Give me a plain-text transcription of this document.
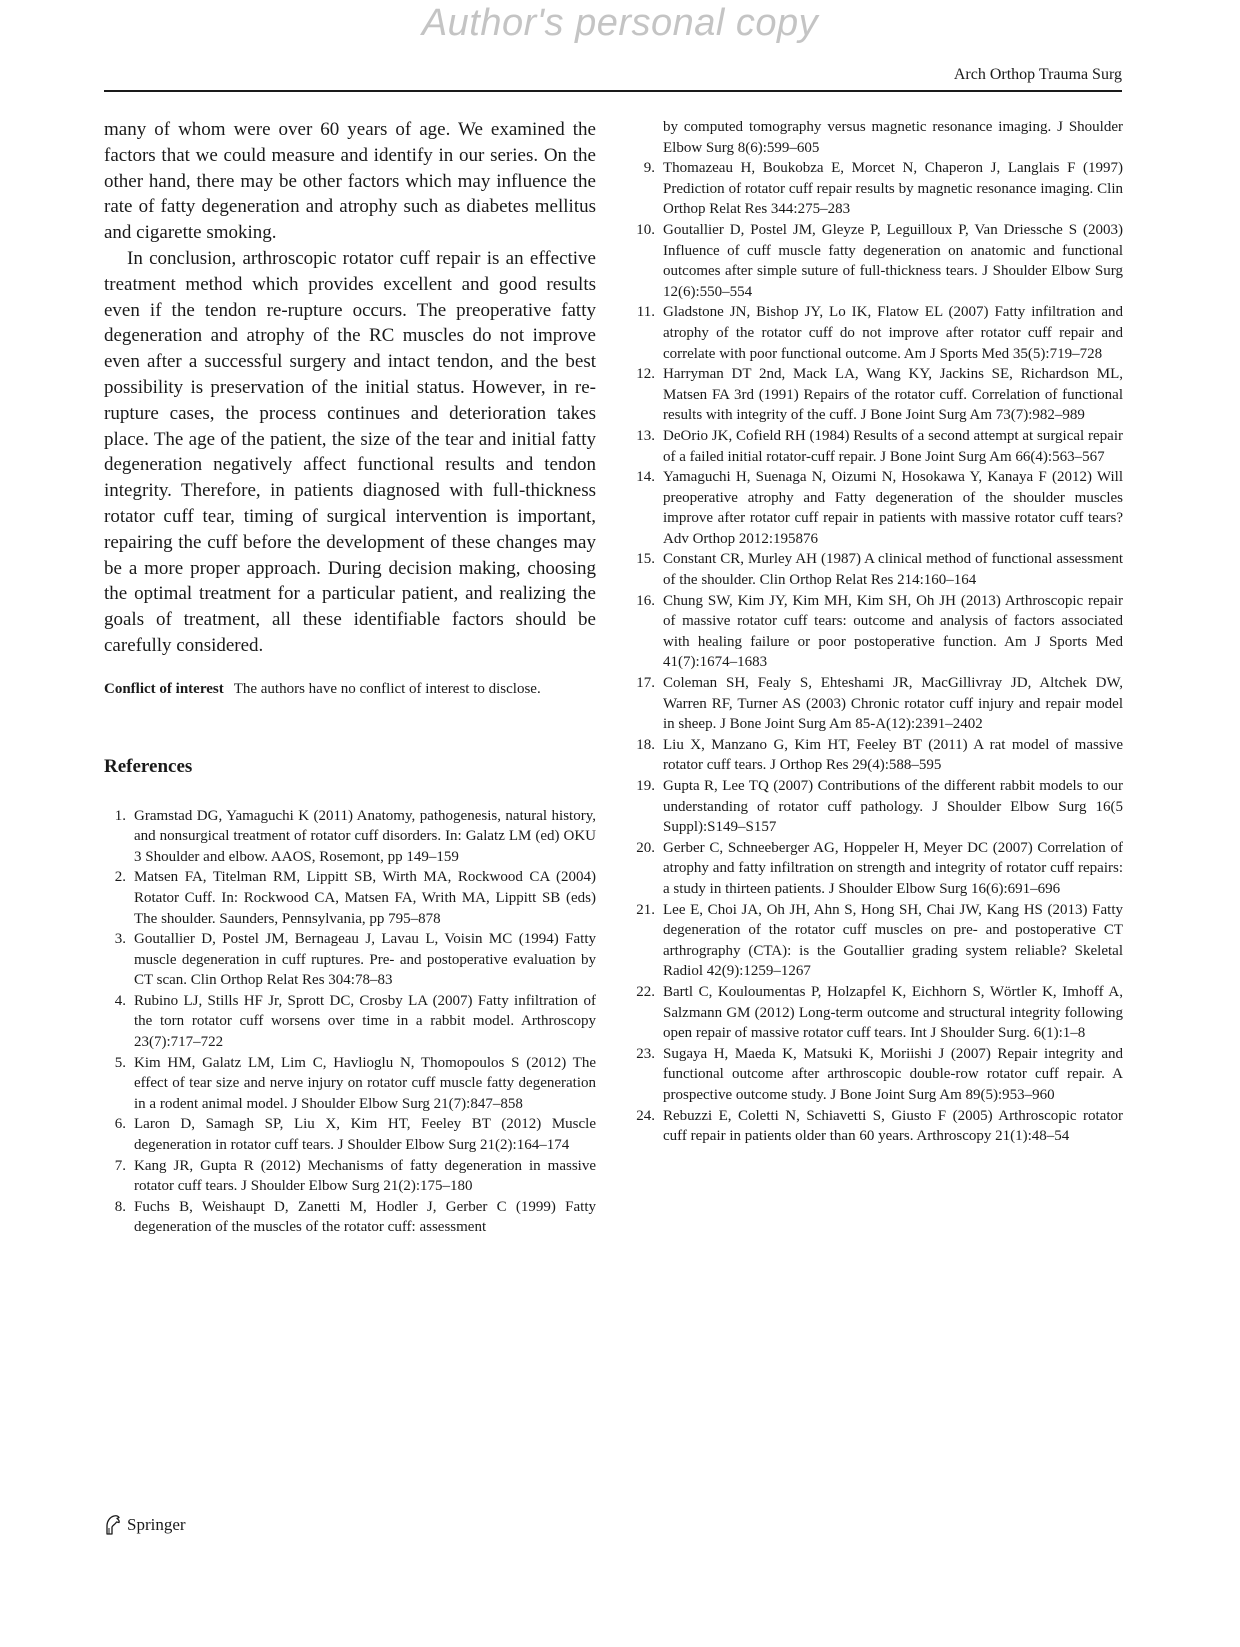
Author's personal copy
Arch Orthop Trauma Surg

many of whom were over 60 years of age. We examined the factors that we could measure and identify in our series. On the other hand, there may be other factors which may influence the rate of fatty degeneration and atrophy such as diabetes mellitus and cigarette smoking.

In conclusion, arthroscopic rotator cuff repair is an effective treatment method which provides excellent and good results even if the tendon re-rupture occurs. The preoperative fatty degeneration and atrophy of the RC muscles do not improve even after a successful surgery and intact tendon, and the best possibility is preservation of the initial status. However, in re-rupture cases, the process continues and deterioration takes place. The age of the patient, the size of the tear and initial fatty degeneration negatively affect functional results and tendon integrity. Therefore, in patients diagnosed with full-thickness rotator cuff tear, timing of surgical intervention is important, repairing the cuff before the development of these changes may be a more proper approach. During decision making, choosing the optimal treatment for a particular patient, and realizing the goals of treatment, all these identifiable factors should be carefully considered.

Conflict of interest The authors have no conflict of interest to disclose.
References
1. Gramstad DG, Yamaguchi K (2011) Anatomy, pathogenesis, natural history, and nonsurgical treatment of rotator cuff disorders. In: Galatz LM (ed) OKU 3 Shoulder and elbow. AAOS, Rosemont, pp 149–159
2. Matsen FA, Titelman RM, Lippitt SB, Wirth MA, Rockwood CA (2004) Rotator Cuff. In: Rockwood CA, Matsen FA, Writh MA, Lippitt SB (eds) The shoulder. Saunders, Pennsylvania, pp 795–878
3. Goutallier D, Postel JM, Bernageau J, Lavau L, Voisin MC (1994) Fatty muscle degeneration in cuff ruptures. Pre- and postoperative evaluation by CT scan. Clin Orthop Relat Res 304:78–83
4. Rubino LJ, Stills HF Jr, Sprott DC, Crosby LA (2007) Fatty infiltration of the torn rotator cuff worsens over time in a rabbit model. Arthroscopy 23(7):717–722
5. Kim HM, Galatz LM, Lim C, Havlioglu N, Thomopoulos S (2012) The effect of tear size and nerve injury on rotator cuff muscle fatty degeneration in a rodent animal model. J Shoulder Elbow Surg 21(7):847–858
6. Laron D, Samagh SP, Liu X, Kim HT, Feeley BT (2012) Muscle degeneration in rotator cuff tears. J Shoulder Elbow Surg 21(2):164–174
7. Kang JR, Gupta R (2012) Mechanisms of fatty degeneration in massive rotator cuff tears. J Shoulder Elbow Surg 21(2):175–180
8. Fuchs B, Weishaupt D, Zanetti M, Hodler J, Gerber C (1999) Fatty degeneration of the muscles of the rotator cuff: assessment
by computed tomography versus magnetic resonance imaging. J Shoulder Elbow Surg 8(6):599–605
9. Thomazeau H, Boukobza E, Morcet N, Chaperon J, Langlais F (1997) Prediction of rotator cuff repair results by magnetic resonance imaging. Clin Orthop Relat Res 344:275–283
10. Goutallier D, Postel JM, Gleyze P, Leguilloux P, Van Driessche S (2003) Influence of cuff muscle fatty degeneration on anatomic and functional outcomes after simple suture of full-thickness tears. J Shoulder Elbow Surg 12(6):550–554
11. Gladstone JN, Bishop JY, Lo IK, Flatow EL (2007) Fatty infiltration and atrophy of the rotator cuff do not improve after rotator cuff repair and correlate with poor functional outcome. Am J Sports Med 35(5):719–728
12. Harryman DT 2nd, Mack LA, Wang KY, Jackins SE, Richardson ML, Matsen FA 3rd (1991) Repairs of the rotator cuff. Correlation of functional results with integrity of the cuff. J Bone Joint Surg Am 73(7):982–989
13. DeOrio JK, Cofield RH (1984) Results of a second attempt at surgical repair of a failed initial rotator-cuff repair. J Bone Joint Surg Am 66(4):563–567
14. Yamaguchi H, Suenaga N, Oizumi N, Hosokawa Y, Kanaya F (2012) Will preoperative atrophy and Fatty degeneration of the shoulder muscles improve after rotator cuff repair in patients with massive rotator cuff tears? Adv Orthop 2012:195876
15. Constant CR, Murley AH (1987) A clinical method of functional assessment of the shoulder. Clin Orthop Relat Res 214:160–164
16. Chung SW, Kim JY, Kim MH, Kim SH, Oh JH (2013) Arthroscopic repair of massive rotator cuff tears: outcome and analysis of factors associated with healing failure or poor postoperative function. Am J Sports Med 41(7):1674–1683
17. Coleman SH, Fealy S, Ehteshami JR, MacGillivray JD, Altchek DW, Warren RF, Turner AS (2003) Chronic rotator cuff injury and repair model in sheep. J Bone Joint Surg Am 85-A(12):2391–2402
18. Liu X, Manzano G, Kim HT, Feeley BT (2011) A rat model of massive rotator cuff tears. J Orthop Res 29(4):588–595
19. Gupta R, Lee TQ (2007) Contributions of the different rabbit models to our understanding of rotator cuff pathology. J Shoulder Elbow Surg 16(5 Suppl):S149–S157
20. Gerber C, Schneeberger AG, Hoppeler H, Meyer DC (2007) Correlation of atrophy and fatty infiltration on strength and integrity of rotator cuff repairs: a study in thirteen patients. J Shoulder Elbow Surg 16(6):691–696
21. Lee E, Choi JA, Oh JH, Ahn S, Hong SH, Chai JW, Kang HS (2013) Fatty degeneration of the rotator cuff muscles on pre- and postoperative CT arthrography (CTA): is the Goutallier grading system reliable? Skeletal Radiol 42(9):1259–1267
22. Bartl C, Kouloumentas P, Holzapfel K, Eichhorn S, Wörtler K, Imhoff A, Salzmann GM (2012) Long-term outcome and structural integrity following open repair of massive rotator cuff tears. Int J Shoulder Surg. 6(1):1–8
23. Sugaya H, Maeda K, Matsuki K, Moriishi J (2007) Repair integrity and functional outcome after arthroscopic double-row rotator cuff repair. A prospective outcome study. J Bone Joint Surg Am 89(5):953–960
24. Rebuzzi E, Coletti N, Schiavetti S, Giusto F (2005) Arthroscopic rotator cuff repair in patients older than 60 years. Arthroscopy 21(1):48–54
Springer
